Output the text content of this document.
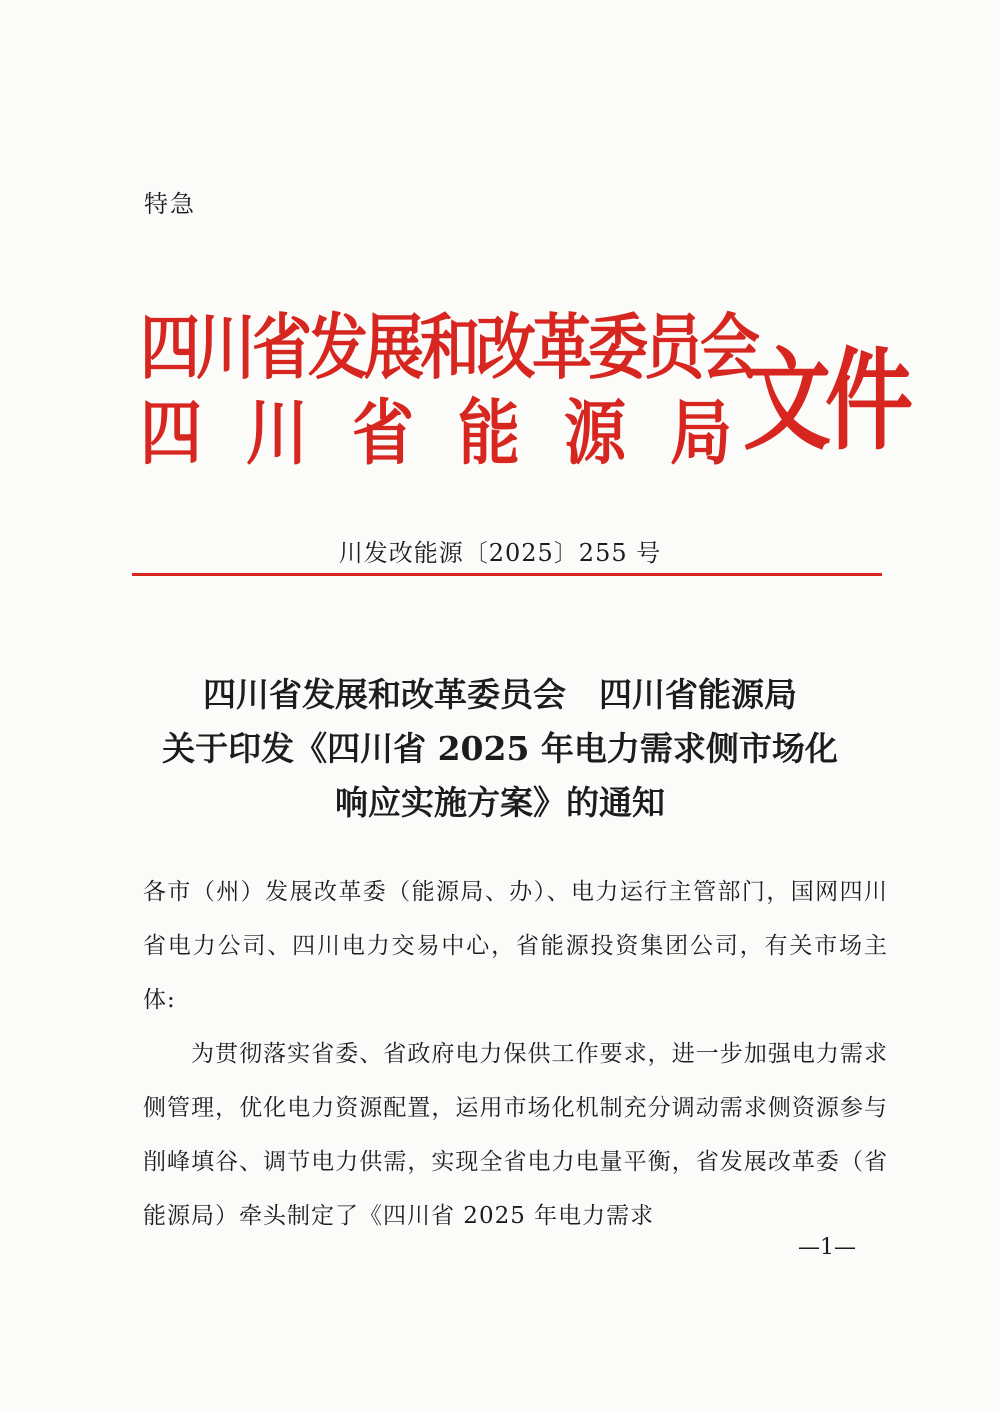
特急
四川省发展和改革委员会
四川省能源局
文件
川发改能源〔2025〕255 号
四川省发展和改革委员会　四川省能源局
关于印发《四川省 2025 年电力需求侧市场化
响应实施方案》的通知

各市（州）发展改革委（能源局、办）、电力运行主管部门，国网四川省电力公司、四川电力交易中心，省能源投资集团公司，有关市场主体:

为贯彻落实省委、省政府电力保供工作要求，进一步加强电力需求侧管理，优化电力资源配置，运用市场化机制充分调动需求侧资源参与削峰填谷、调节电力供需，实现全省电力电量平衡，省发展改革委（省能源局）牵头制定了《四川省 2025 年电力需求

—1—
